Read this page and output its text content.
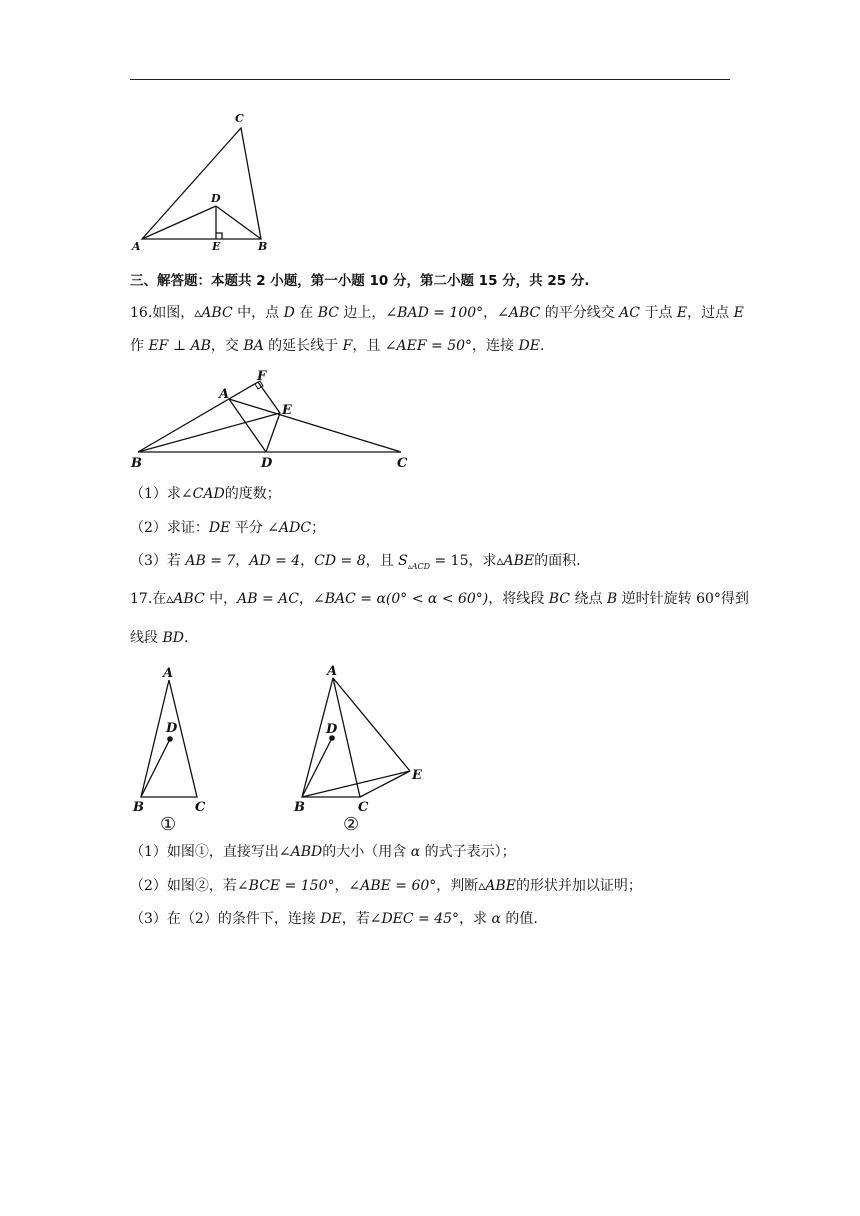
C
D
A	E	B
三、解答题：本题共 2 小题，第一小题 10 分，第二小题 15 分，共 25 分.
16.如图，▵ABC 中，点 D 在 BC 边上，∠BAD = 100°，∠ABC 的平分线交 AC 于点 E，过点 E
作 EF ⊥ AB，交 BA 的延长线于 F，且 ∠AEF = 50°，连接 DE.
F
A
E
B	D	C
（1）求∠CAD的度数；
（2）求证：DE 平分 ∠ADC；
（3）若 AB = 7，AD = 4，CD = 8，且 $S_{▵ACD} = 15$，求▵ABE的面积.
17.在▵ABC 中，AB = AC，∠BAC = α(0° < α < 60°)，将线段 BC 绕点 B 逆时针旋转 60°得到
线段 BD.
A
D
B	C
A
D
E
B	C
①	②
（1）如图①，直接写出∠ABD的大小（用含 α 的式子表示）；
（2）如图②，若∠BCE = 150°，∠ABE = 60°，判断▵ABE的形状并加以证明；
（3）在（2）的条件下，连接 DE，若∠DEC = 45°，求 α 的值.
